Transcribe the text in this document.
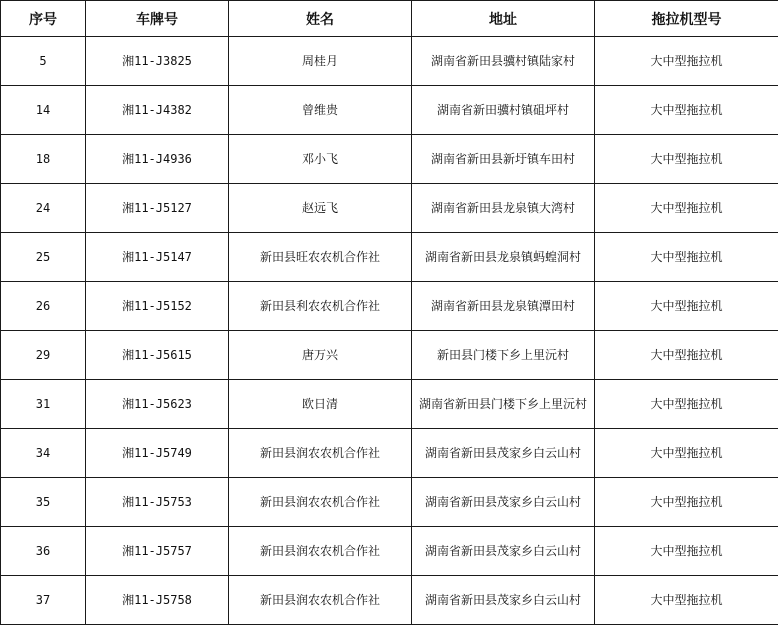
序号	车牌号	姓名	地址	拖拉机型号
5	湘11-J3825	周桂月	湖南省新田县骥村镇陆家村	大中型拖拉机
14	湘11-J4382	曾维贵	湖南省新田骥村镇砠坪村	大中型拖拉机
18	湘11-J4936	邓小飞	湖南省新田县新圩镇车田村	大中型拖拉机
24	湘11-J5127	赵远飞	湖南省新田县龙泉镇大湾村	大中型拖拉机
25	湘11-J5147	新田县旺农农机合作社	湖南省新田县龙泉镇蚂蝗洞村	大中型拖拉机
26	湘11-J5152	新田县利农农机合作社	湖南省新田县龙泉镇潭田村	大中型拖拉机
29	湘11-J5615	唐万兴	新田县门楼下乡上里沅村	大中型拖拉机
31	湘11-J5623	欧日清	湖南省新田县门楼下乡上里沅村	大中型拖拉机
34	湘11-J5749	新田县润农农机合作社	湖南省新田县茂家乡白云山村	大中型拖拉机
35	湘11-J5753	新田县润农农机合作社	湖南省新田县茂家乡白云山村	大中型拖拉机
36	湘11-J5757	新田县润农农机合作社	湖南省新田县茂家乡白云山村	大中型拖拉机
37	湘11-J5758	新田县润农农机合作社	湖南省新田县茂家乡白云山村	大中型拖拉机
